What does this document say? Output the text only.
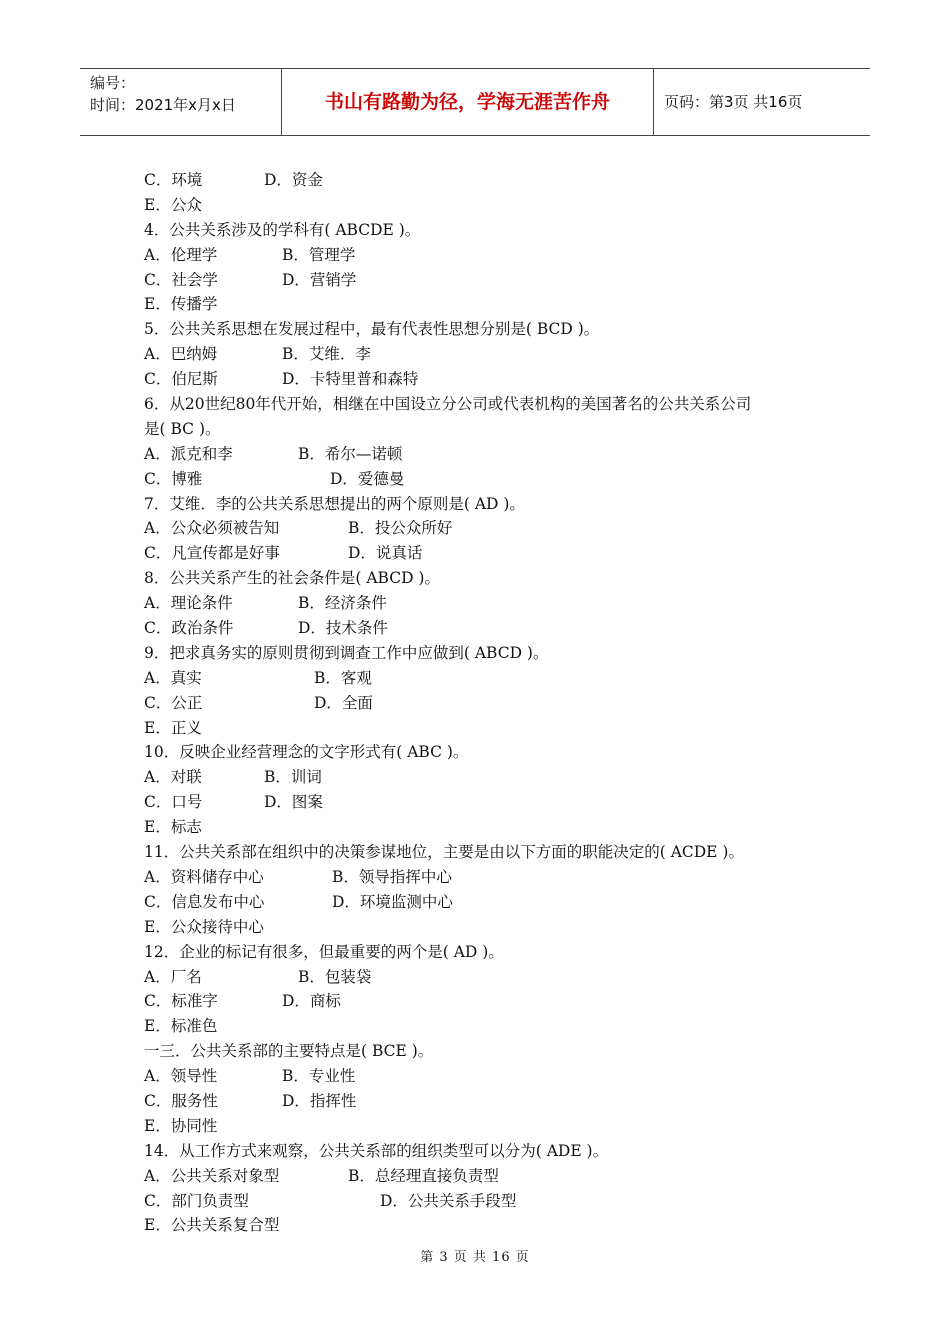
编号：
时间：2021年x月x日	书山有路勤为径，学海无涯苦作舟	页码：第3页 共16页
C．环境	D．资金
E．公众
4．公共关系涉及的学科有( ABCDE )。
A．伦理学	B．管理学
C．社会学	D．营销学
E．传播学
5．公共关系思想在发展过程中，最有代表性思想分别是( BCD )。
A．巴纳姆	B．艾维．李
C．伯尼斯	D．卡特里普和森特
6．从20世纪80年代开始，相继在中国设立分公司或代表机构的美国著名的公共关系公司
是( BC )。
A．派克和李	B．希尔—诺顿
C．博雅	D．爱德曼
7．艾维．李的公共关系思想提出的两个原则是( AD )。
A．公众必须被告知	B．投公众所好
C．凡宣传都是好事	D．说真话
8．公共关系产生的社会条件是( ABCD )。
A．理论条件	B．经济条件
C．政治条件	D．技术条件
9．把求真务实的原则贯彻到调查工作中应做到( ABCD )。
A．真实	B．客观
C．公正	D．全面
E．正义
10．反映企业经营理念的文字形式有( ABC )。
A．对联	B．训词
C．口号	D．图案
E．标志
11．公共关系部在组织中的决策参谋地位，主要是由以下方面的职能决定的( ACDE )。
A．资料储存中心	B．领导指挥中心
C．信息发布中心	D．环境监测中心
E．公众接待中心
12．企业的标记有很多，但最重要的两个是( AD )。
A．厂名	B．包装袋
C．标准字	D．商标
E．标准色
一三．公共关系部的主要特点是( BCE )。
A．领导性	B．专业性
C．服务性	D．指挥性
E．协同性
14．从工作方式来观察，公共关系部的组织类型可以分为( ADE )。
A．公共关系对象型	B．总经理直接负责型
C．部门负责型	D．公共关系手段型
E．公共关系复合型
第 3 页 共 16 页
